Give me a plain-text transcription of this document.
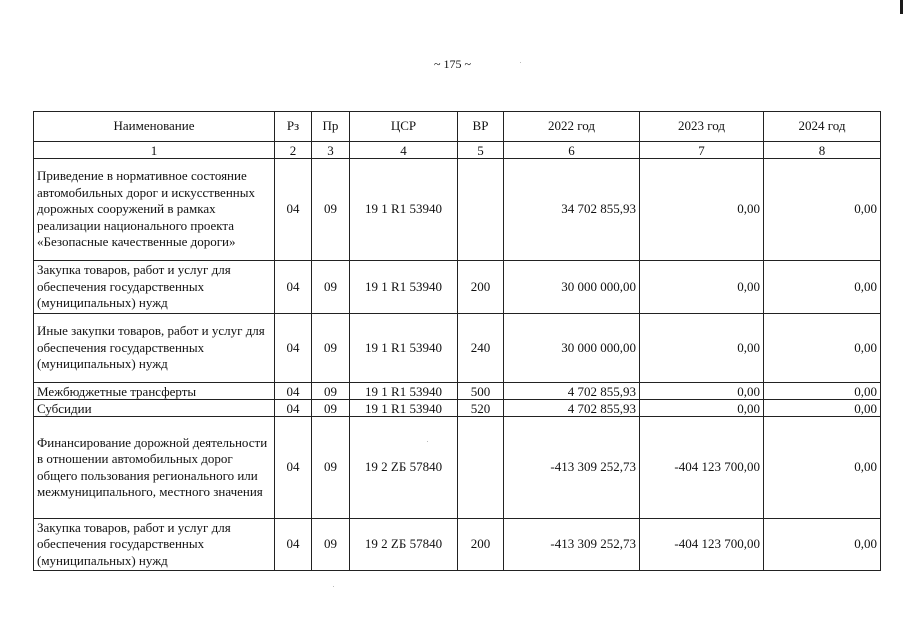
~ 175 ~
Наименование	Рз	Пр	ЦСР	ВР	2022 год	2023 год	2024 год
1	2	3	4	5	6	7	8
Приведение в нормативное состояние автомобильных дорог и искусственных дорожных сооружений в рамках реализации национального проекта «Безопасные качественные дороги»	04	09	19 1 R1 53940		34 702 855,93	0,00	0,00
Закупка товаров, работ и услуг для обеспечения государственных (муниципальных) нужд	04	09	19 1 R1 53940	200	30 000 000,00	0,00	0,00
Иные закупки товаров, работ и услуг для обеспечения государственных (муниципальных) нужд	04	09	19 1 R1 53940	240	30 000 000,00	0,00	0,00
Межбюджетные трансферты	04	09	19 1 R1 53940	500	4 702 855,93	0,00	0,00
Субсидии	04	09	19 1 R1 53940	520	4 702 855,93	0,00	0,00
Финансирование дорожной деятельности в отношении автомобильных дорог общего пользования регионального или межмуниципального, местного значения	04	09	19 2 ZБ 57840		-413 309 252,73	-404 123 700,00	0,00
Закупка товаров, работ и услуг для обеспечения государственных (муниципальных) нужд	04	09	19 2 ZБ 57840	200	-413 309 252,73	-404 123 700,00	0,00
